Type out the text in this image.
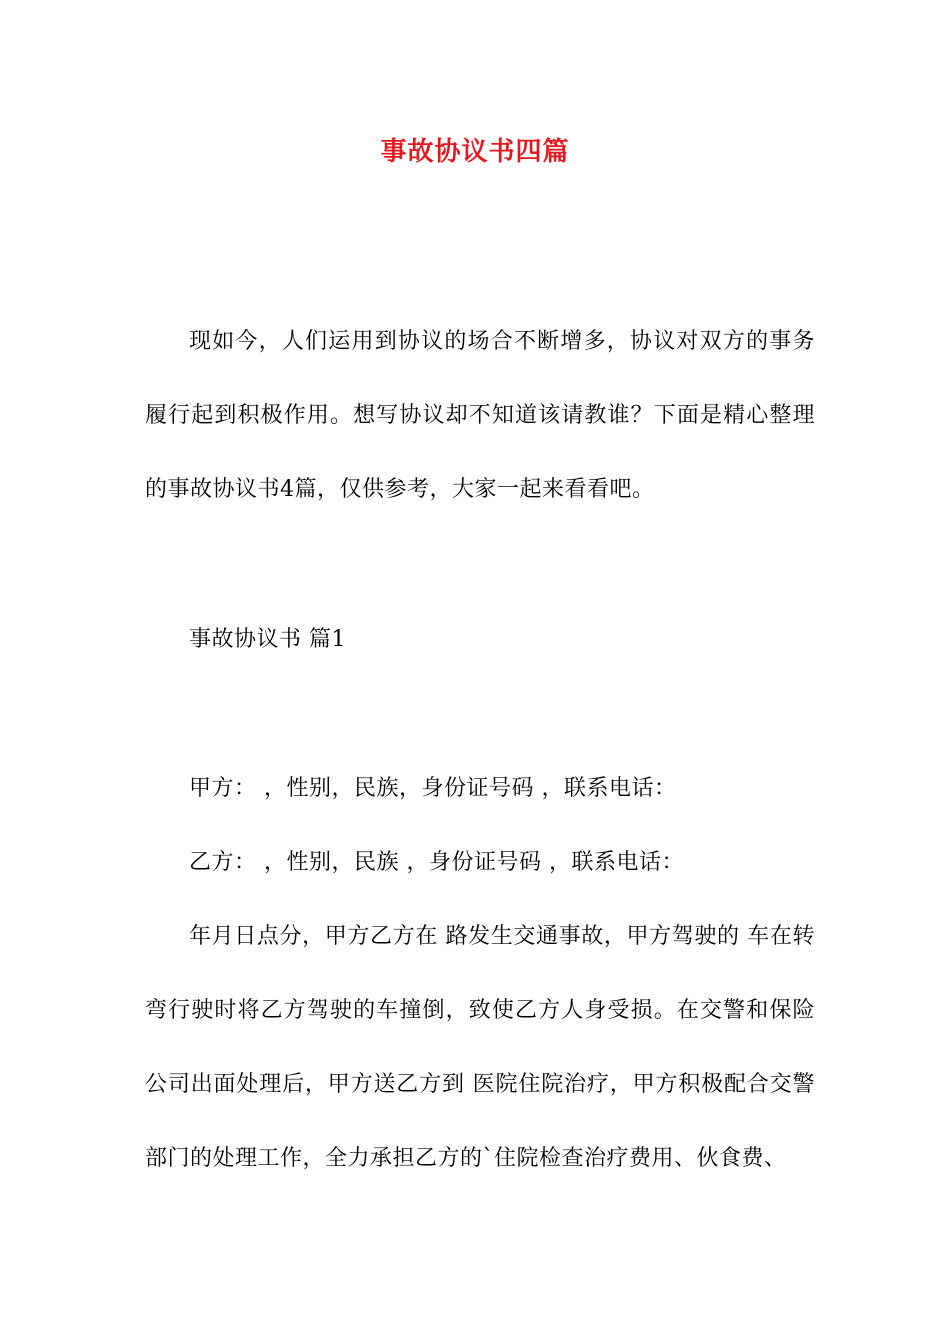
事故协议书四篇

现如今，人们运用到协议的场合不断增多，协议对双方的事务履行起到积极作用。想写协议却不知道该请教谁？下面是精心整理的事故协议书4篇，仅供参考，大家一起来看看吧。

事故协议书 篇1

甲方： ，性别，民族，身份证号码 ，联系电话：

乙方： ，性别，民族 ，身份证号码 ，联系电话：

年月日点分，甲方乙方在 路发生交通事故，甲方驾驶的 车在转弯行驶时将乙方驾驶的车撞倒，致使乙方人身受损。在交警和保险公司出面处理后，甲方送乙方到 医院住院治疗，甲方积极配合交警部门的处理工作，全力承担乙方的`住院检查治疗费用、伙食费、
